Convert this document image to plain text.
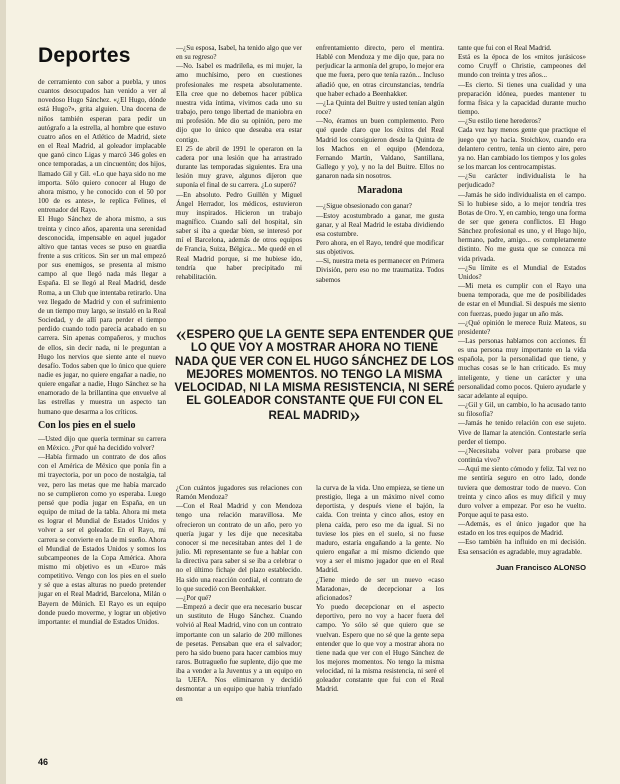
Deportes

de cerramiento con sabor a puebla, y unos cuantos desocupados han venido a ver al novedoso Hugo Sánchez. «¿El Hugo, dónde está Hugo?», grita alguien. Una docena de niños también esperan para pedir un autógrafo a la estrella, al hombre que estuvo cuatro años en el Atlético de Madrid, siete en el Real Madrid, al goleador implacable que ganó cinco Ligas y marcó 346 goles en once temporadas, a un cincuentón; dos hijos, llamado Gil y Gil. «Lo que haya sido no me importa. Sólo quiero conocer al Hugo de ahora mismo, y he conocido con el 50 por 100 de es antes», le replica Felines, el entrenador del Rayo.

El Hugo Sánchez de ahora mismo, a sus treinta y cinco años, aparenta una serenidad desconocida, impensable en aquel jugador altivo que tantas veces se puso en guardia frente a sus críticos. Sin ser un mal empezó por sus enemigos, se presenta al mismo campo al que llegó nada más llegar a España. El se llegó al Real Madrid, desde Roma, a un Club que intentaba retirarlo. Una vez llegado de Madrid y con el sufrimiento de un tiempo muy largo, se instaló en la Real Sociedad, y de allí para perder el tiempo perdido cuando todo parecía acabado en su carrera. Sin apenas compañeros, y muchos de ellos, sin decir nada, ni le preguntan a Hugo los nervios que siente ante el nuevo desafío. Todos saben que lo único que quiere nadie es jugar, no quiere engañar a nadie, no quiere engañar a nadie, Hugo Sánchez se ha enamorado de la brillantina que envuelve al las estrellas y muestra un aspecto tan humano que desarma a los críticos.

Con los pies en el suelo

—Usted dijo que quería terminar su carrera en México. ¿Por qué ha decidido volver?

—Había firmado un contrato de dos años con el América de México que ponía fin a mi trayectoria, por un poco de nostalgia, tal vez, pero las metas que me había marcado no se cumplieron como yo esperaba. Luego pensé que podía jugar en España, en un equipo de mitad de la tabla. Ahora mi meta es lograr el Mundial de Estados Unidos y volver a ser el goleador. En el Rayo, mi carrera se convierte en la de mi sueño. Ahora el Mundial de Estados Unidos y somos los subcampeones de la Copa América. Ahora mismo mi objetivo es un «Euro» más competitivo. Vengo con los pies en el suelo y sé que a estas alturas no puedo pretender jugar en el Real Madrid, Barcelona, Milán o Bayern de Múnich. El Rayo es un equipo donde puedo moverme, y lograr un objetivo importante: el mundial de Estados Unidos.

—¿Su esposa, Isabel, ha tenido algo que ver en su regreso?

—No. Isabel es madrileña, es mi mujer, la amo muchísimo, pero en cuestiones profesionales me respeta absolutamente. Ella cree que no debemos hacer pública nuestra vida íntima, vivimos cada uno su trabajo, pero tengo libertad de maniobra en mi profesión. Me dio su opinión, pero me dijo que lo único que deseaba era estar contigo.

El 25 de abril de 1991 le operaron en la cadera por una lesión que ha arrastrado durante las temporadas siguientes. Era una lesión muy grave, algunos dijeron que suponía el final de su carrera. ¿Lo superó?

—En absoluto. Pedro Guillén y Miguel Ángel Herrador, los médicos, estuvieron muy inspirados. Hicieron un trabajo magnífico. Cuando salí del hospital, sin saber si iba a quedar bien, se interesó por mí el Barcelona, además de otros equipos de Francia, Suiza, Bélgica... Me quedé en el Real Madrid porque, si me hubiese ido, tendría que haber precipitado mi rehabilitación.

enfrentamiento directo, pero el mentira. Hablé con Mendoza y me dijo que, para no perjudicar la armonía del grupo, lo mejor era que me fuera, pero que tenía razón... Incluso añadió que, en otras circunstancias, tendría que haber echado a Beenhakker.

—¿La Quinta del Buitre y usted tenían algún roce?

—No, éramos un buen complemento. Pero qué quede claro que los éxitos del Real Madrid los consiguieron desde la Quinta de los Machos en el equipo (Mendoza, Fernando Martín, Valdano, Santillana, Gallego y yo), y no la del Buitre. Ellos no ganaron nada sin nosotros.

Maradona

—¿Sigue obsesionado con ganar?

—Estoy acostumbrado a ganar, me gusta ganar, y al Real Madrid le estaba dividiendo esa costumbre.

Pero ahora, en el Rayo, tendré que modificar sus objetivos.

—Si, nuestra meta es permanecer en Primera División, pero eso no me traumatiza. Todos sabemos

«ESPERO QUE LA GENTE SEPA ENTENDER QUE LO QUE VOY A MOSTRAR AHORA NO TIENE NADA QUE VER CON EL HUGO SÁNCHEZ DE LOS MEJORES MOMENTOS. NO TENGO LA MISMA VELOCIDAD, NI LA MISMA RESISTENCIA, NI SERÉ EL GOLEADOR CONSTANTE QUE FUI CON EL REAL MADRID»

¿Con cuántos jugadores sus relaciones con Ramón Mendoza?

—Con el Real Madrid y con Mendoza tengo una relación maravillosa. Me ofrecieron un contrato de un año, pero yo quería jugar y les dije que necesitaba conocer si me necesitaban antes del 1 de julio. Mi representante se fue a hablar con la directiva para saber si se iba a celebrar o no el último fichaje del plazo establecido. Ha sido una reacción cordial, el contrato de lo que sucedió con Beenhakker.

—¿Por qué?

—Empezó a decir que era necesario buscar un sustituto de Hugo Sánchez. Cuando volvió al Real Madrid, vino con un contrato importante con un salario de 200 millones de pesetas. Pensaban que era el salvador; pero ha sido bueno para hacer cambios muy raros. Butragueño fue suplente, dijo que me iba a vender a la Juventus y a un equipo en la UEFA. Nos eliminaron y decidió desmontar a un equipo que había triunfado en

la curva de la vida. Uno empieza, se tiene un prestigio, llega a un máximo nivel como deportista, y después viene el bajón, la caída. Con treinta y cinco años, estoy en plena caída, pero eso me da igual. Si no tuviese los pies en el suelo, si no fuese maduro, estaría engañando a la gente. No quiero engañar a mí mismo diciendo que voy a ser el mismo jugador que en el Real Madrid.

¿Tiene miedo de ser un nuevo «caso Maradona», de decepcionar a los aficionados?

Yo puedo decepcionar en el aspecto deportivo, pero no voy a hacer fuera del campo. Yo sólo sé que quiero que se vuelvan. Espero que no sé que la gente sepa entender que lo que voy a mostrar ahora no tiene nada que ver con el Hugo Sánchez de los mejores momentos. No tengo la misma velocidad, ni la misma resistencia, ni seré el goleador constante que fui con el Real Madrid.

tante que fui con el Real Madrid.

Está es la época de los «mitos jurásicos» como Cruyff o Christie, campeones del mundo con treinta y tres años...

—Es cierto. Si tienes una cualidad y una preparación idónea, puedes mantener tu forma física y la capacidad durante mucho tiempo.

—¿Su estilo tiene herederos?

Cada vez hay menos gente que practique el juego que yo hacía. Stoichkov, cuando era delantero centro, tenía un ciento aire, pero ya no. Han cambiado los tiempos y los goles se los marcan los centrocampistas.

—¿Su carácter individualista le ha perjudicado?

—Jamás he sido individualista en el campo. Si lo hubiese sido, a lo mejor tendría tres Botas de Oro. Y, en cambio, tengo una forma de ser que genera conflictos. El Hugo Sánchez profesional es uno, y el Hugo hijo, hermano, padre, amigo... es completamente distinto. No me gusta que se conozca mi vida privada.

—¿Su límite es el Mundial de Estados Unidos?

—Mi meta es cumplir con el Rayo una buena temporada, que me de posibilidades de estar en el Mundial. Si después me siento con fuerzas, puedo jugar un año más.

—¿Qué opinión le merece Ruiz Mateos, su presidente?

—Las personas hablamos con acciones. Él es una persona muy importante en la vida española, por la personalidad que tiene, y muchas cosas se le han criticado. Es muy inteligente, y tiene un carácter y una personalidad como pocos. Quiero ayudarle y sacar adelante al equipo.

—¿Gil y Gil, un cambio, lo ha acusado tanto su filosofía?

—Jamás he tenido relación con ese sujeto. Vive de llamar la atención. Contestarle sería perder el tiempo.

—¿Necesitaba volver para probarse que continúa vivo?

—Aquí me siento cómodo y feliz. Tal vez no me sentiría seguro en otro lado, donde tuviera que demostrar todo de nuevo. Con treinta y cinco años es muy difícil y muy duro volver a empezar. Por eso he vuelto. Porque aquí te pasa esto.

—Además, es el único jugador que ha estado en los tres equipos de Madrid.

—Eso también ha influido en mi decisión. Esa sensación es agradable, muy agradable.

Juan Francisco ALONSO
46
